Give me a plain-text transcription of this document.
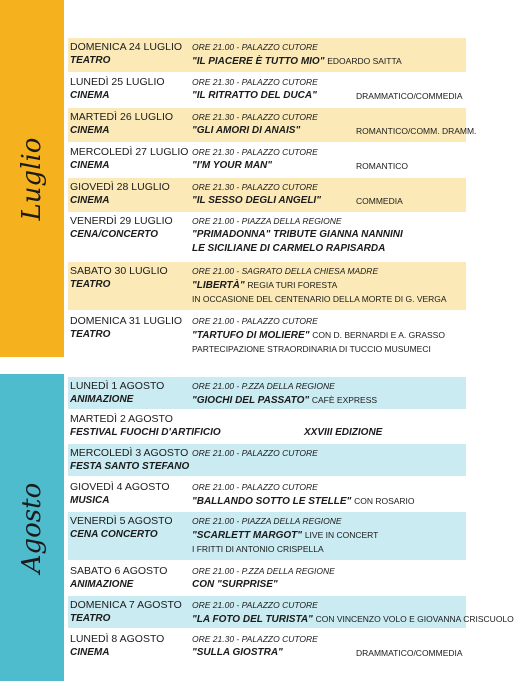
Luglio
Agosto
DOMENICA 24 LUGLIO ORE 21.00 - PALAZZO CUTORE
TEATRO	"IL PIACERE È TUTTO MIO" EDOARDO SAITTA
LUNEDÌ 25 LUGLIO	ORE 21.30 - PALAZZO CUTORE
CINEMA	"IL RITRATTO DEL DUCA"	DRAMMATICO/COMMEDIA
MARTEDÌ 26 LUGLIO ORE 21.30 - PALAZZO CUTORE
CINEMA	"GLI AMORI DI ANAIS"	ROMANTICO/COMM. DRAMM.
MERCOLEDÌ 27 LUGLIO ORE 21.30 - PALAZZO CUTORE
CINEMA	"I'M YOUR MAN"	ROMANTICO
GIOVEDÌ 28 LUGLIO	ORE 21.30 - PALAZZO CUTORE
CINEMA	"IL SESSO DEGLI ANGELI"	COMMEDIA
VENERDÌ 29 LUGLIO ORE 21.00 - PIAZZA DELLA REGIONE
CENA/CONCERTO	"PRIMADONNA" TRIBUTE GIANNA NANNINI
LE SICILIANE DI CARMELO RAPISARDA
SABATO 30 LUGLIO	ORE 21.00 - SAGRATO DELLA CHIESA MADRE
TEATRO	"LIBERTÀ" REGIA TURI FORESTA
IN OCCASIONE DEL CENTENARIO DELLA MORTE DI G. VERGA
DOMENICA 31 LUGLIO ORE 21.00 - PALAZZO CUTORE
TEATRO	"TARTUFO DI MOLIERE" CON D. BERNARDI E A. GRASSO
PARTECIPAZIONE STRAORDINARIA DI TUCCIO MUSUMECI
LUNEDÌ 1 AGOSTO	ORE 21.00 - P.ZZA DELLA REGIONE
ANIMAZIONE	"GIOCHI DEL PASSATO" CAFÈ EXPRESS
MARTEDÌ 2 AGOSTO
FESTIVAL FUOCHI D'ARTIFICIO	XXVIII EDIZIONE
MERCOLEDÌ 3 AGOSTO ORE 21.00 - PALAZZO CUTORE
FESTA SANTO STEFANO
GIOVEDÌ 4 AGOSTO	ORE 21.00 - PALAZZO CUTORE
MUSICA	"BALLANDO SOTTO LE STELLE" CON ROSARIO
VENERDÌ 5 AGOSTO ORE 21.00 - PIAZZA DELLA REGIONE
CENA CONCERTO	"SCARLETT MARGOT" LIVE IN CONCERT
I FRITTI DI ANTONIO CRISPELLA
SABATO 6 AGOSTO	ORE 21.00 - P.ZZA DELLA REGIONE
ANIMAZIONE	CON "SURPRISE"
DOMENICA 7 AGOSTO ORE 21.00 - PALAZZO CUTORE
TEATRO	"LA FOTO DEL TURISTA" CON VINCENZO VOLO E GIOVANNA CRISCUOLO
LUNEDÌ 8 AGOSTO	ORE 21.30 - PALAZZO CUTORE
CINEMA	"SULLA GIOSTRA"	DRAMMATICO/COMMEDIA
